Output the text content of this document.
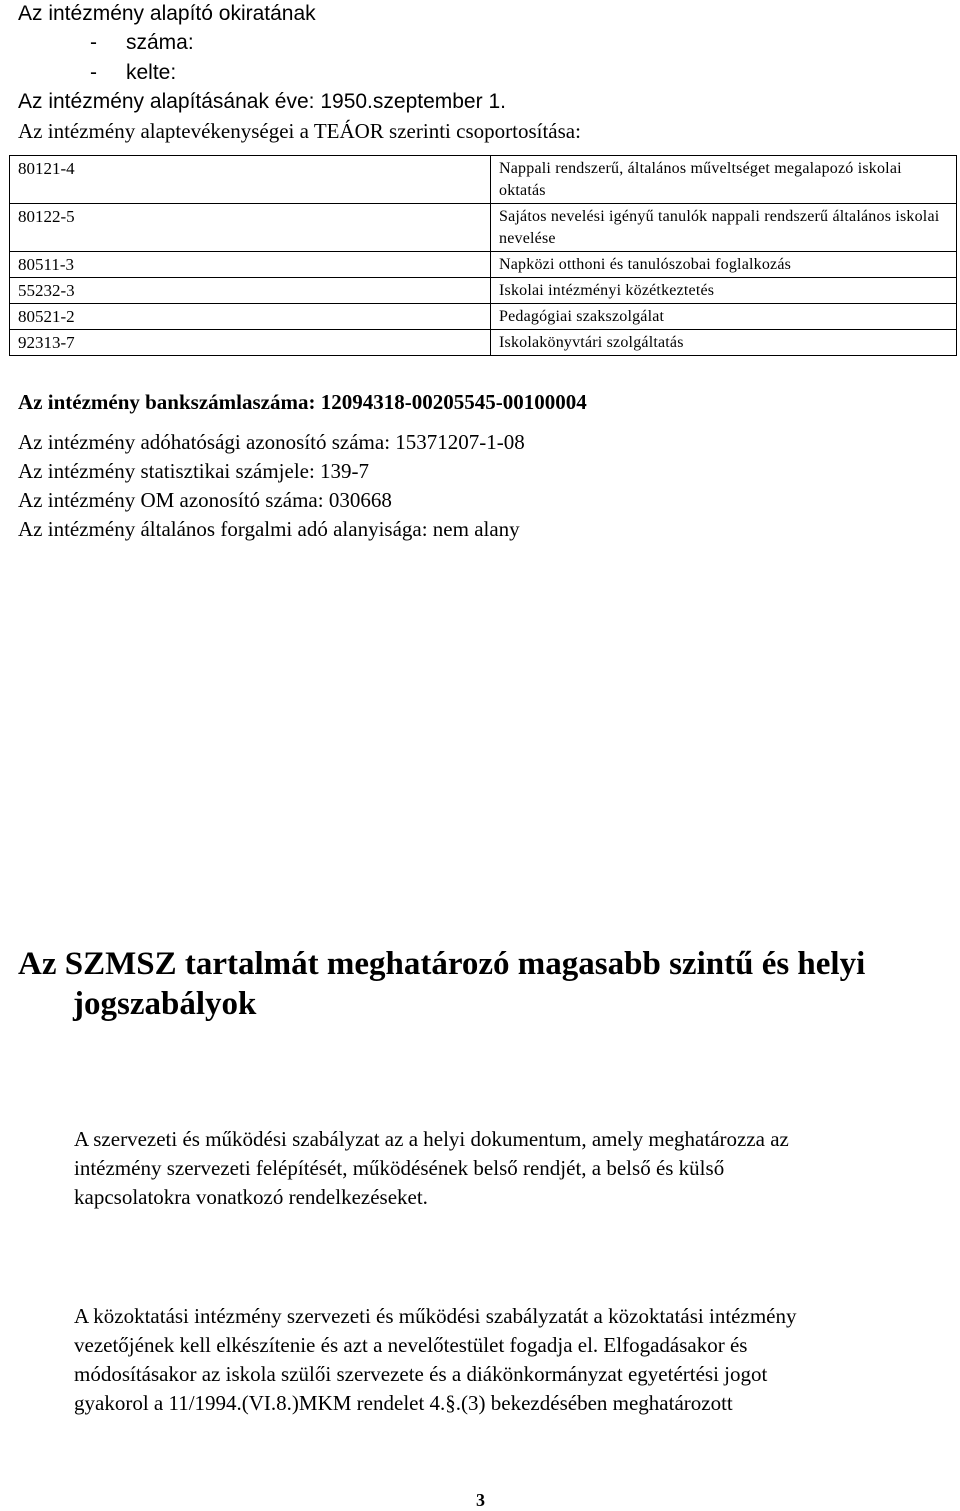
Az intézmény alapító okiratának
- száma:
- kelte:
Az intézmény alapításának éve: 1950.szeptember 1.
Az intézmény alaptevékenységei a TEÁOR szerinti csoportosítása:
80121-4	Nappali rendszerű, általános műveltséget megalapozó iskolai oktatás
80122-5	Sajátos nevelési igényű tanulók nappali rendszerű általános iskolai nevelése
80511-3	Napközi otthoni és tanulószobai foglalkozás
55232-3	Iskolai intézményi közétkeztetés
80521-2	Pedagógiai szakszolgálat
92313-7	Iskolakönyvtári szolgáltatás
Az intézmény bankszámlaszáma: 12094318-00205545-00100004
Az intézmény adóhatósági azonosító száma: 15371207-1-08
Az intézmény statisztikai számjele: 139-7
Az intézmény OM azonosító száma: 030668
Az intézmény általános forgalmi adó alanyisága: nem alany
Az SZMSZ tartalmát meghatározó magasabb szintű és helyi
jogszabályok
A szervezeti és működési szabályzat az a helyi dokumentum, amely meghatározza az
intézmény szervezeti felépítését, működésének belső rendjét, a belső és külső
kapcsolatokra vonatkozó rendelkezéseket.
A közoktatási intézmény szervezeti és működési szabályzatát a közoktatási intézmény
vezetőjének kell elkészítenie és azt a nevelőtestület fogadja el. Elfogadásakor és
módosításakor az iskola szülői szervezete és a diákönkormányzat egyetértési jogot
gyakorol a 11/1994.(VI.8.)MKM rendelet 4.§.(3) bekezdésében meghatározott
3
